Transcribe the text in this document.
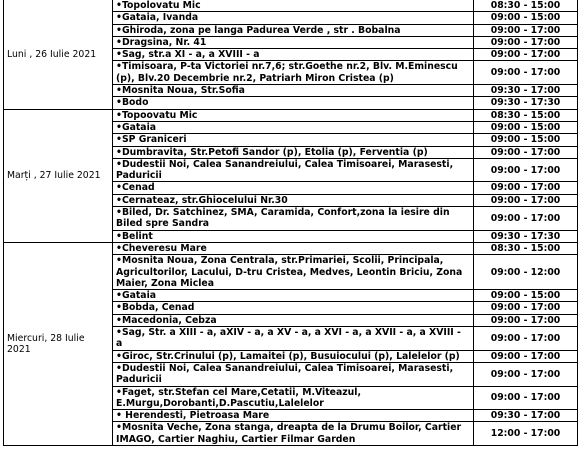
Luni , 26 Iulie 2021	•Topolovatu Mic	08:30 - 15:00
	•Gataia, Ivanda	09:00 - 15:00
	•Ghiroda, zona pe langa Padurea Verde , str . Bobalna	09:00 - 17:00
	•Dragsina, Nr. 41	09:00 - 17:00
	•Sag, str.a XI - a, a XVIII - a	09:00 - 17:00
	•Timisoara, P-ta Victoriei nr.7,6; str.Goethe nr.2, Blv. M.Eminescu (p), Blv.20 Decembrie nr.2, Patriarh Miron Cristea (p)	09:00 - 17:00
	•Mosnita Noua, Str.Sofia	09:30 - 17:00
	•Bodo	09:30 - 17:30
Marți , 27 Iulie 2021	•Topoovatu Mic	08:30 - 15:00
	•Gataia	09:00 - 15:00
	•SP Graniceri	09:00 - 15:00
	•Dumbravita, Str.Petofi Sandor (p), Etolia (p), Ferventia (p)	09:00 - 17:00
	•Dudestii Noi, Calea Sanandreiului, Calea Timisoarei, Marasesti, Paduricii	09:00 - 17:00
	•Cenad	09:00 - 17:00
	•Cernateaz, str.Ghiocelului Nr.30	09:00 - 17:00
	•Biled, Dr. Satchinez, SMA, Caramida, Confort,zona la iesire din Biled spre Sandra	09:00 - 17:00
	•Belint	09:30 - 17:30
Miercuri, 28 Iulie 2021	•Cheveresu Mare	08:30 - 15:00
	•Mosnita Noua, Zona Centrala, str.Primariei, Scolii, Principala, Agricultorilor, Lacului, D-tru Cristea, Medves, Leontin Briciu, Zona Maier, Zona Miclea	09:00 - 12:00
	•Gataia	09:00 - 15:00
	•Bobda, Cenad	09:00 - 17:00
	•Macedonia, Cebza	09:00 - 17:00
	•Sag, Str. a XIII - a, aXIV - a, a XV - a, a XVI - a, a XVII - a, a XVIII - a	09:00 - 17:00
	•Giroc, Str.Crinului (p), Lamaitei (p), Busuiocului (p), Lalelelor (p)	09:00 - 17:00
	•Dudestii Noi, Calea Sanandreiului, Calea Timisoarei, Marasesti, Paduricii	09:00 - 17:00
	•Faget, str.Stefan cel Mare,Cetatii, M.Viteazul, E.Murgu,Dorobanti,D.Pascutiu,Lalelelor	09:00 - 17:00
	• Herendesti, Pietroasa Mare	09:30 - 17:00
	•Mosnita Veche, Zona stanga, dreapta de la Drumu Boilor, Cartier IMAGO, Cartier Naghiu, Cartier Filmar Garden	12:00 - 17:00
